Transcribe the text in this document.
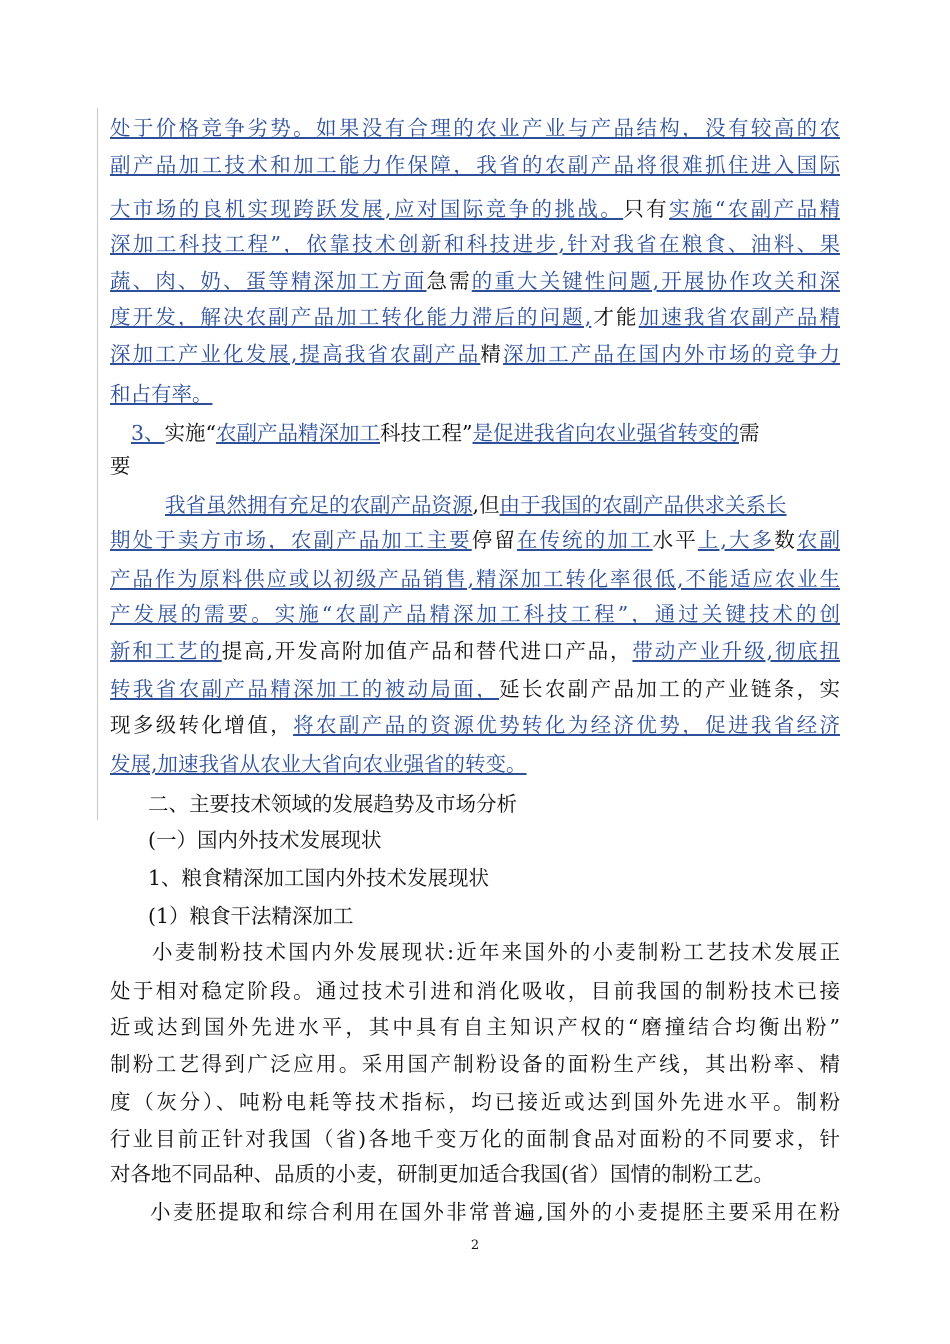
处于价格竞争劣势。如果没有合理的农业产业与产品结构，没有较高的农
副产品加工技术和加工能力作保障，我省的农副产品将很难抓住进入国际
大市场的良机实现跨跃发展,应对国际竞争的挑战。只有实施“农副产品精
深加工科技工程”，依靠技术创新和科技进步,针对我省在粮食、油料、果
蔬、肉、奶、蛋等精深加工方面急需的重大关键性问题,开展协作攻关和深
度开发，解决农副产品加工转化能力滞后的问题,才能加速我省农副产品精
深加工产业化发展,提高我省农副产品精深加工产品在国内外市场的竞争力
和占有率。
3、实施“农副产品精深加工科技工程”是促进我省向农业强省转变的需
要
我省虽然拥有充足的农副产品资源,但由于我国的农副产品供求关系长
期处于卖方市场，农副产品加工主要停留在传统的加工水平上,大多数农副
产品作为原料供应或以初级产品销售,精深加工转化率很低,不能适应农业生
产发展的需要。实施“农副产品精深加工科技工程”，通过关键技术的创
新和工艺的提高,开发高附加值产品和替代进口产品，带动产业升级,彻底扭
转我省农副产品精深加工的被动局面，延长农副产品加工的产业链条，实
现多级转化增值，将农副产品的资源优势转化为经济优势，促进我省经济
发展,加速我省从农业大省向农业强省的转变。
二、主要技术领域的发展趋势及市场分析
(一）国内外技术发展现状
1、粮食精深加工国内外技术发展现状
(1）粮食干法精深加工
小麦制粉技术国内外发展现状:近年来国外的小麦制粉工艺技术发展正
处于相对稳定阶段。通过技术引进和消化吸收，目前我国的制粉技术已接
近或达到国外先进水平，其中具有自主知识产权的“磨撞结合均衡出粉”
制粉工艺得到广泛应用。采用国产制粉设备的面粉生产线，其出粉率、精
度（灰分）、吨粉电耗等技术指标，均已接近或达到国外先进水平。制粉
行业目前正针对我国（省)各地千变万化的面制食品对面粉的不同要求，针
对各地不同品种、品质的小麦，研制更加适合我国(省）国情的制粉工艺。
小麦胚提取和综合利用在国外非常普遍,国外的小麦提胚主要采用在粉
2
